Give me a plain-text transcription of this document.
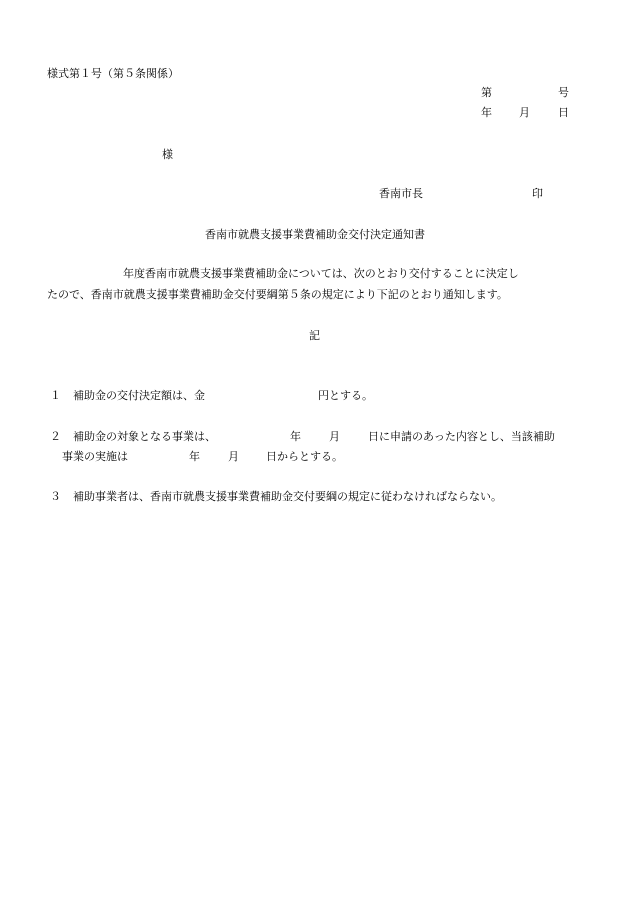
様式第１号（第５条関係）
第	号
年 月	日
様
香南市長	印
香南市就農支援事業費補助金交付決定通知書
年度香南市就農支援事業費補助金については、次のとおり交付することに決定し
たので、香南市就農支援事業費補助金交付要綱第５条の規定により下記のとおり通知します。
記
１ 補助金の交付決定額は、金	円とする。
２ 補助金の対象となる事業は、	年	月	日に申請のあった内容とし、当該補助
事業の実施は	年	月 日からとする。
３ 補助事業者は、香南市就農支援事業費補助金交付要綱の規定に従わなければならない。
